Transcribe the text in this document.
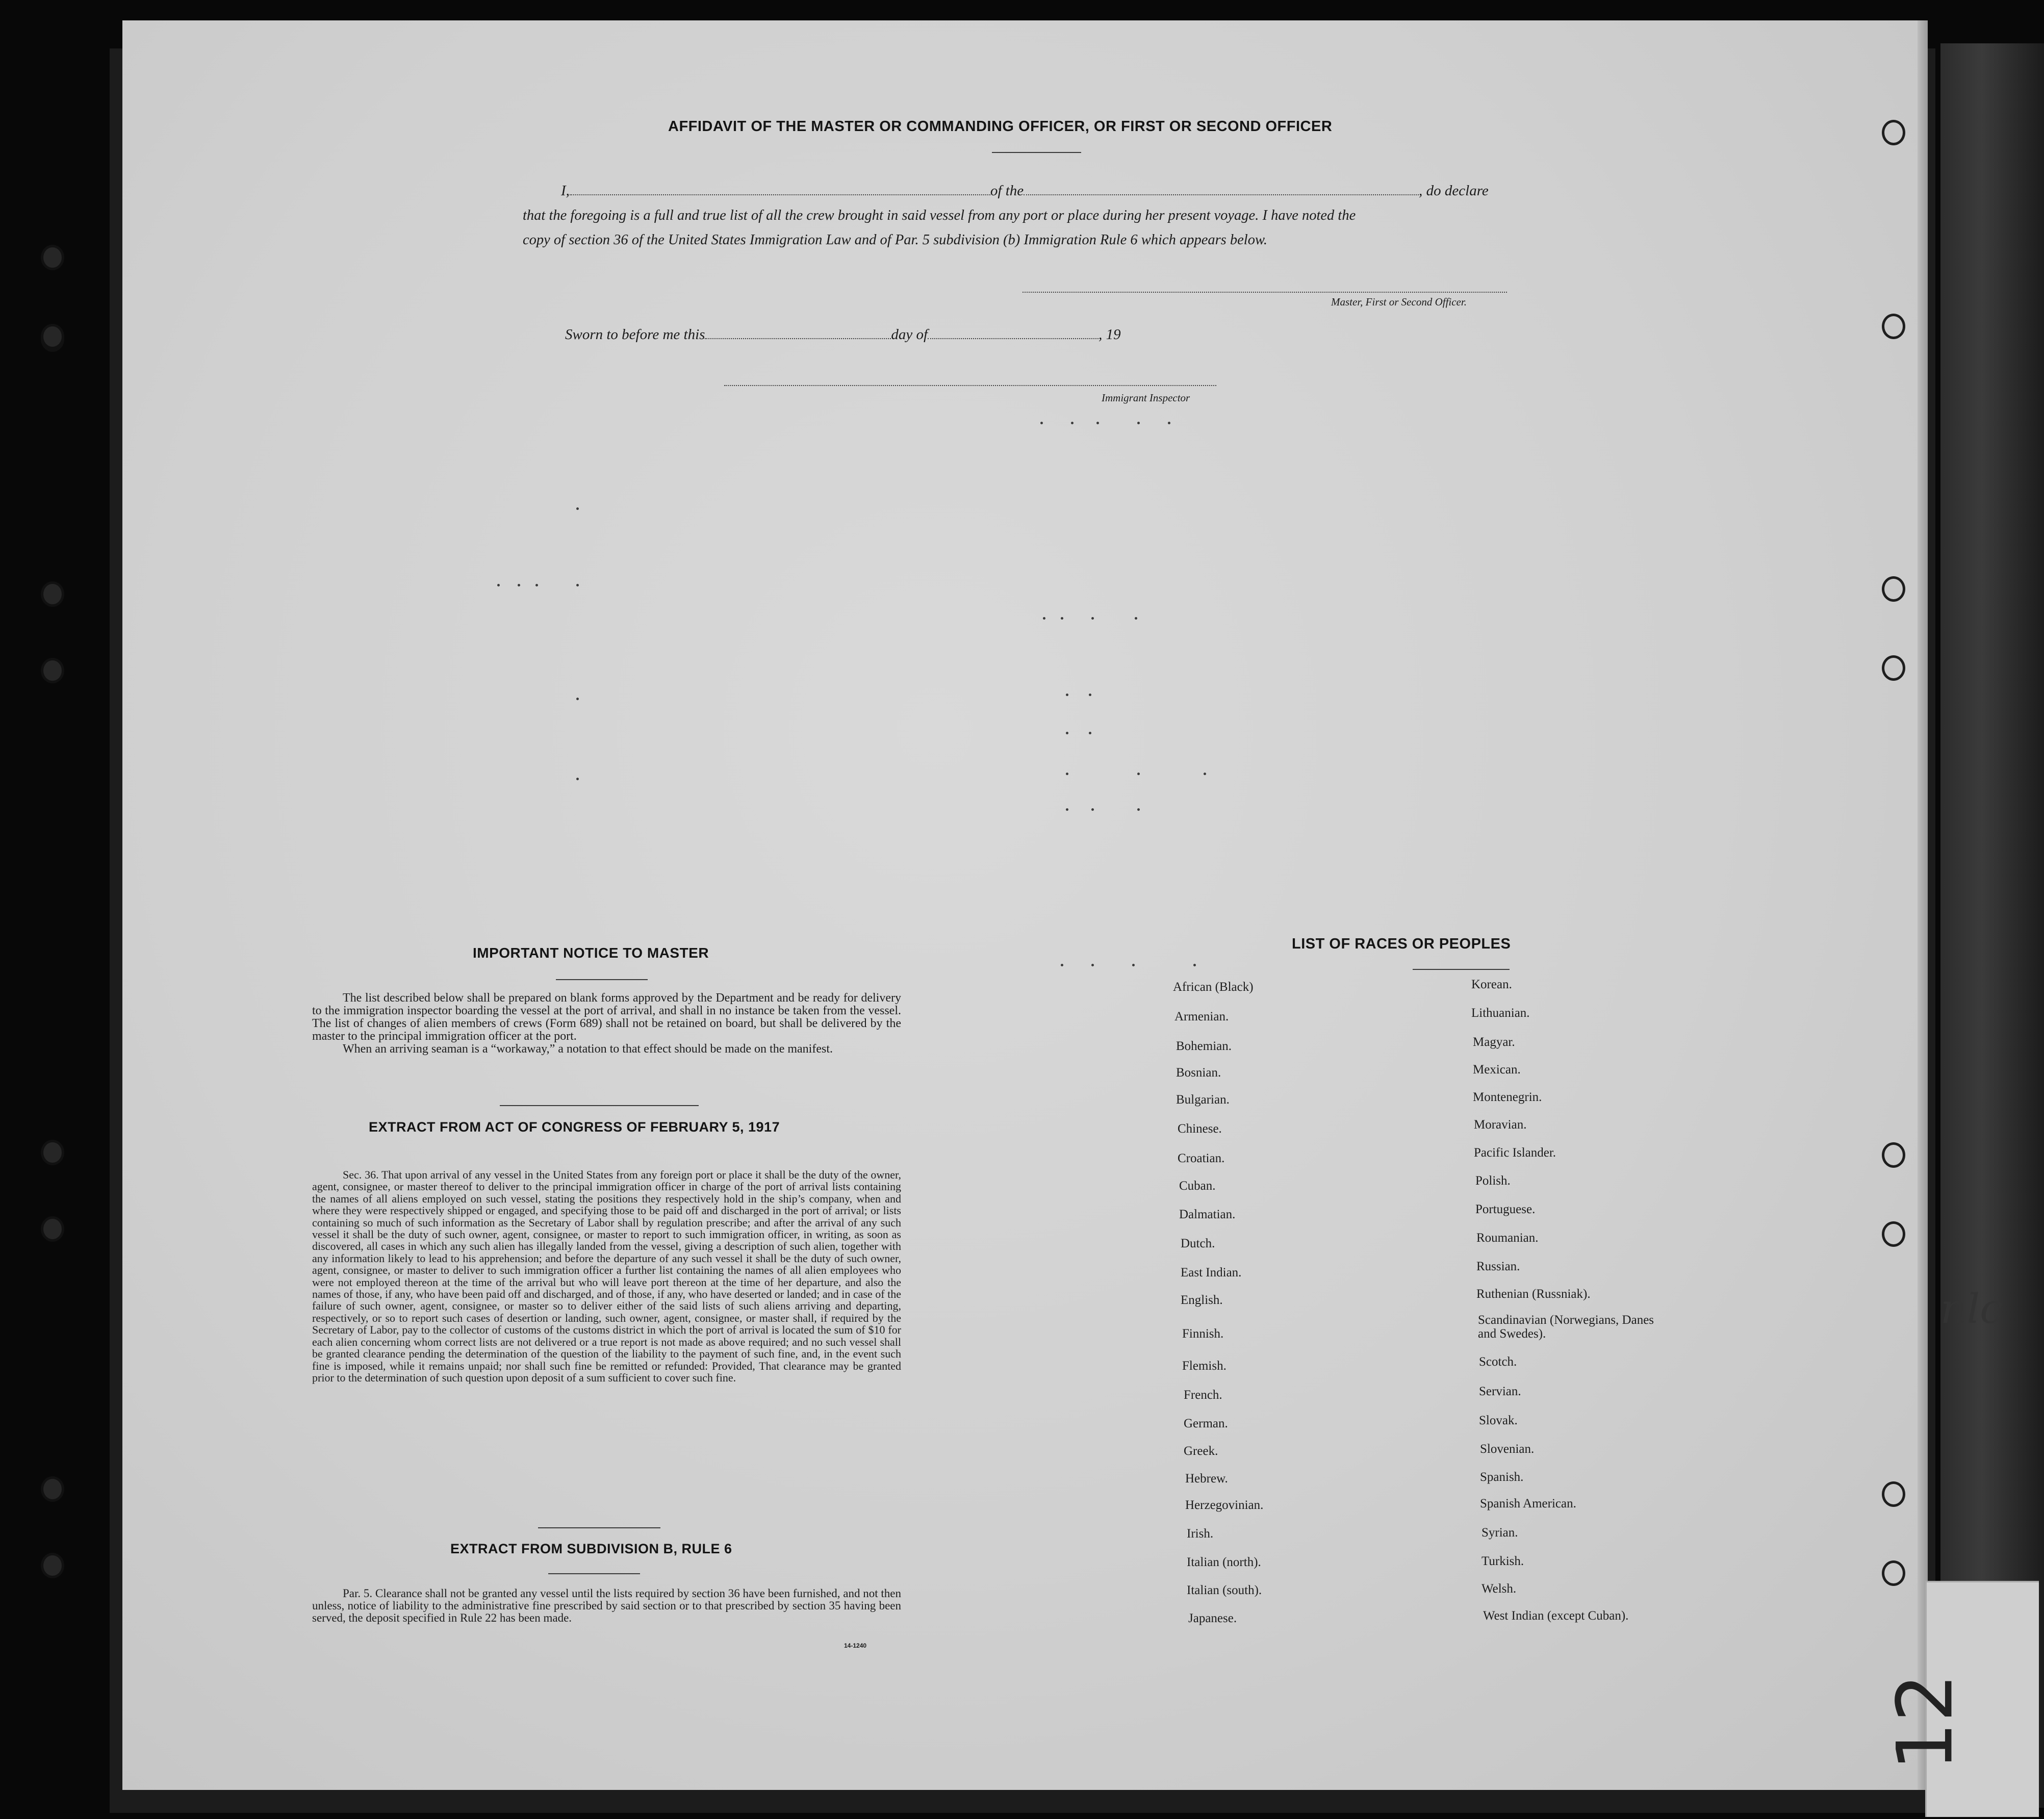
AFFIDAVIT OF THE MASTER OR COMMANDING OFFICER, OR FIRST OR SECOND OFFICER
I,	of the	, do declare
that the foregoing is a full and true list of all the crew brought in said vessel from any port or place during her present voyage. I have noted the
copy of section 36 of the United States Immigration Law and of Par. 5 subdivision (b) Immigration Rule 6 which appears below.
Master, First or Second Officer.
Sworn to before me this	day of	, 19
Immigrant Inspector
IMPORTANT NOTICE TO MASTER

The list described below shall be prepared on blank forms approved by the Department and be ready for delivery to the immigration inspector boarding the vessel at the port of arrival, and shall in no instance be taken from the vessel. The list of changes of alien members of crews (Form 689) shall not be retained on board, but shall be delivered by the master to the principal immigration officer at the port.

When an arriving seaman is a “workaway,” a notation to that effect should be made on the manifest.

EXTRACT FROM ACT OF CONGRESS OF FEBRUARY 5, 1917

Sec. 36. That upon arrival of any vessel in the United States from any foreign port or place it shall be the duty of the owner, agent, consignee, or master thereof to deliver to the principal immigration officer in charge of the port of arrival lists containing the names of all aliens employed on such vessel, stating the positions they respectively hold in the ship’s company, when and where they were respectively shipped or engaged, and specifying those to be paid off and discharged in the port of arrival; or lists containing so much of such information as the Secretary of Labor shall by regulation prescribe; and after the arrival of any such vessel it shall be the duty of such owner, agent, consignee, or master to report to such immigration officer, in writing, as soon as discovered, all cases in which any such alien has illegally landed from the vessel, giving a description of such alien, together with any information likely to lead to his apprehension; and before the departure of any such vessel it shall be the duty of such owner, agent, consignee, or master to deliver to such immigration officer a further list containing the names of all alien employees who were not employed thereon at the time of the arrival but who will leave port thereon at the time of her departure, and also the names of those, if any, who have been paid off and discharged, and of those, if any, who have deserted or landed; and in case of the failure of such owner, agent, consignee, or master so to deliver either of the said lists of such aliens arriving and departing, respectively, or so to report such cases of desertion or landing, such owner, agent, consignee, or master shall, if required by the Secretary of Labor, pay to the collector of customs of the customs district in which the port of arrival is located the sum of $10 for each alien concerning whom correct lists are not delivered or a true report is not made as above required; and no such vessel shall be granted clearance pending the determination of the question of the liability to the payment of such fine, and, in the event such fine is imposed, while it remains unpaid; nor shall such fine be remitted or refunded: Provided, That clearance may be granted prior to the determination of such question upon deposit of a sum sufficient to cover such fine.

EXTRACT FROM SUBDIVISION B, RULE 6

Par. 5. Clearance shall not be granted any vessel until the lists required by section 36 have been furnished, and not then unless, notice of liability to the administrative fine prescribed by said section or to that prescribed by section 35 having been served, the deposit specified in Rule 22 has been made.

14-1240
LIST OF RACES OR PEOPLES
African (Black)
Armenian.
Bohemian.
Bosnian.
Bulgarian.
Chinese.
Croatian.
Cuban.
Dalmatian.
Dutch.
East Indian.
English.
Finnish.
Flemish.
French.
German.
Greek.
Hebrew.
Herzegovinian.
Irish.
Italian (north).
Italian (south).
Japanese.
Korean.
Lithuanian.
Magyar.
Mexican.
Montenegrin.
Moravian.
Pacific Islander.
Polish.
Portuguese.
Roumanian.
Russian.
Ruthenian (Russniak).
Scandinavian (Norwegians, Danes and Swedes).
Scotch.
Servian.
Slovak.
Slovenian.
Spanish.
Spanish American.
Syrian.
Turkish.
Welsh.
West Indian (except Cuban).
nlc
12
